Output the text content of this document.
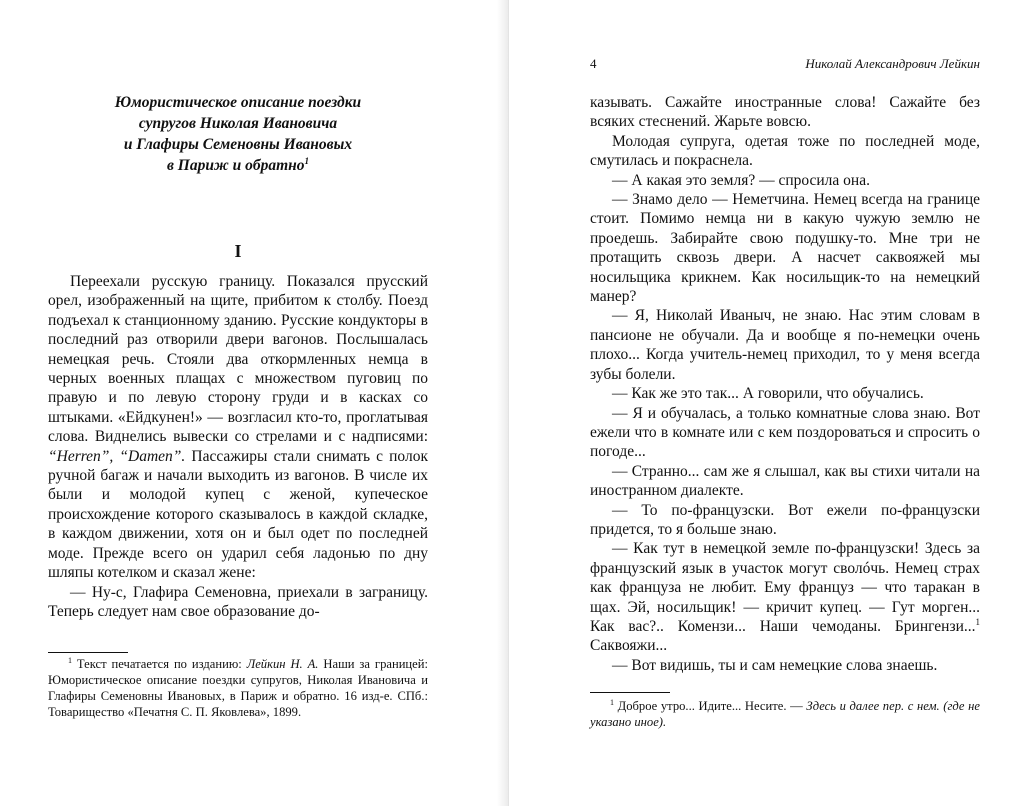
Юмористическое описание поездки
супругов Николая Ивановича
и Глафиры Семеновны Ивановых
в Париж и обратно$^1$
I

Переехали русскую границу. Показался прусский орел, изображенный на щите, прибитом к столбу. Поезд подъехал к станционному зданию. Русские кондукторы в последний раз отворили двери вагонов. Послышалась немецкая речь. Стояли два откормленных немца в черных военных плащах с множеством пуговиц по правую и по левую сторону груди и в касках со штыками. «Ейдкунен!» — возгласил кто-то, проглатывая слова. Виднелись вывески со стрелами и с надписями: “Herren”, “Damen”. Пассажиры стали снимать с полок ручной багаж и начали выходить из вагонов. В числе их были и молодой купец с женой, купеческое происхождение которого сказывалось в каждой складке, в каждом движении, хотя он и был одет по последней моде. Прежде всего он ударил себя ладонью по дну шляпы котелком и сказал жене:

— Ну-с, Глафира Семеновна, приехали в заграницу. Теперь следует нам свое образование до-

$^1$ Текст печатается по изданию: Лейкин Н. А. Наши за границей: Юмористическое описание поездки супругов, Николая Ивановича и Глафиры Семеновны Ивановых, в Париж и обратно. 16 изд-е. СПб.: Товарищество «Печатня С. П. Яковлева», 1899.

4	Николай Александрович Лейкин

казывать. Сажайте иностранные слова! Сажайте без всяких стеснений. Жарьте вовсю.

Молодая супруга, одетая тоже по последней моде, смутилась и покраснела.

— А какая это земля? — спросила она.

— Знамо дело — Неметчина. Немец всегда на границе стоит. Помимо немца ни в какую чужую землю не проедешь. Забирайте свою подушку-то. Мне три не протащить сквозь двери. А насчет саквояжей мы носильщика крикнем. Как носильщик-то на немецкий манер?

— Я, Николай Иваныч, не знаю. Нас этим словам в пансионе не обучали. Да и вообще я по-немецки очень плохо... Когда учитель-немец приходил, то у меня всегда зубы болели.

— Как же это так... А говорили, что обучались.

— Я и обучалась, а только комнатные слова знаю. Вот ежели что в комнате или с кем поздороваться и спросить о погоде...

— Странно... сам же я слышал, как вы стихи читали на иностранном диалекте.

— То по-французски. Вот ежели по-французски придется, то я больше знаю.

— Как тут в немецкой земле по-французски! Здесь за французский язык в участок могут сволóчь. Немец страх как француза не любит. Ему француз — что таракан в щах. Эй, носильщик! — кричит купец. — Гут морген... Как вас?.. Комензи... Наши чемоданы. Брингензи...$^1$ Саквояжи...

— Вот видишь, ты и сам немецкие слова знаешь.

$^1$ Доброе утро... Идите... Несите. — Здесь и далее пер. с нем. (где не указано иное).
